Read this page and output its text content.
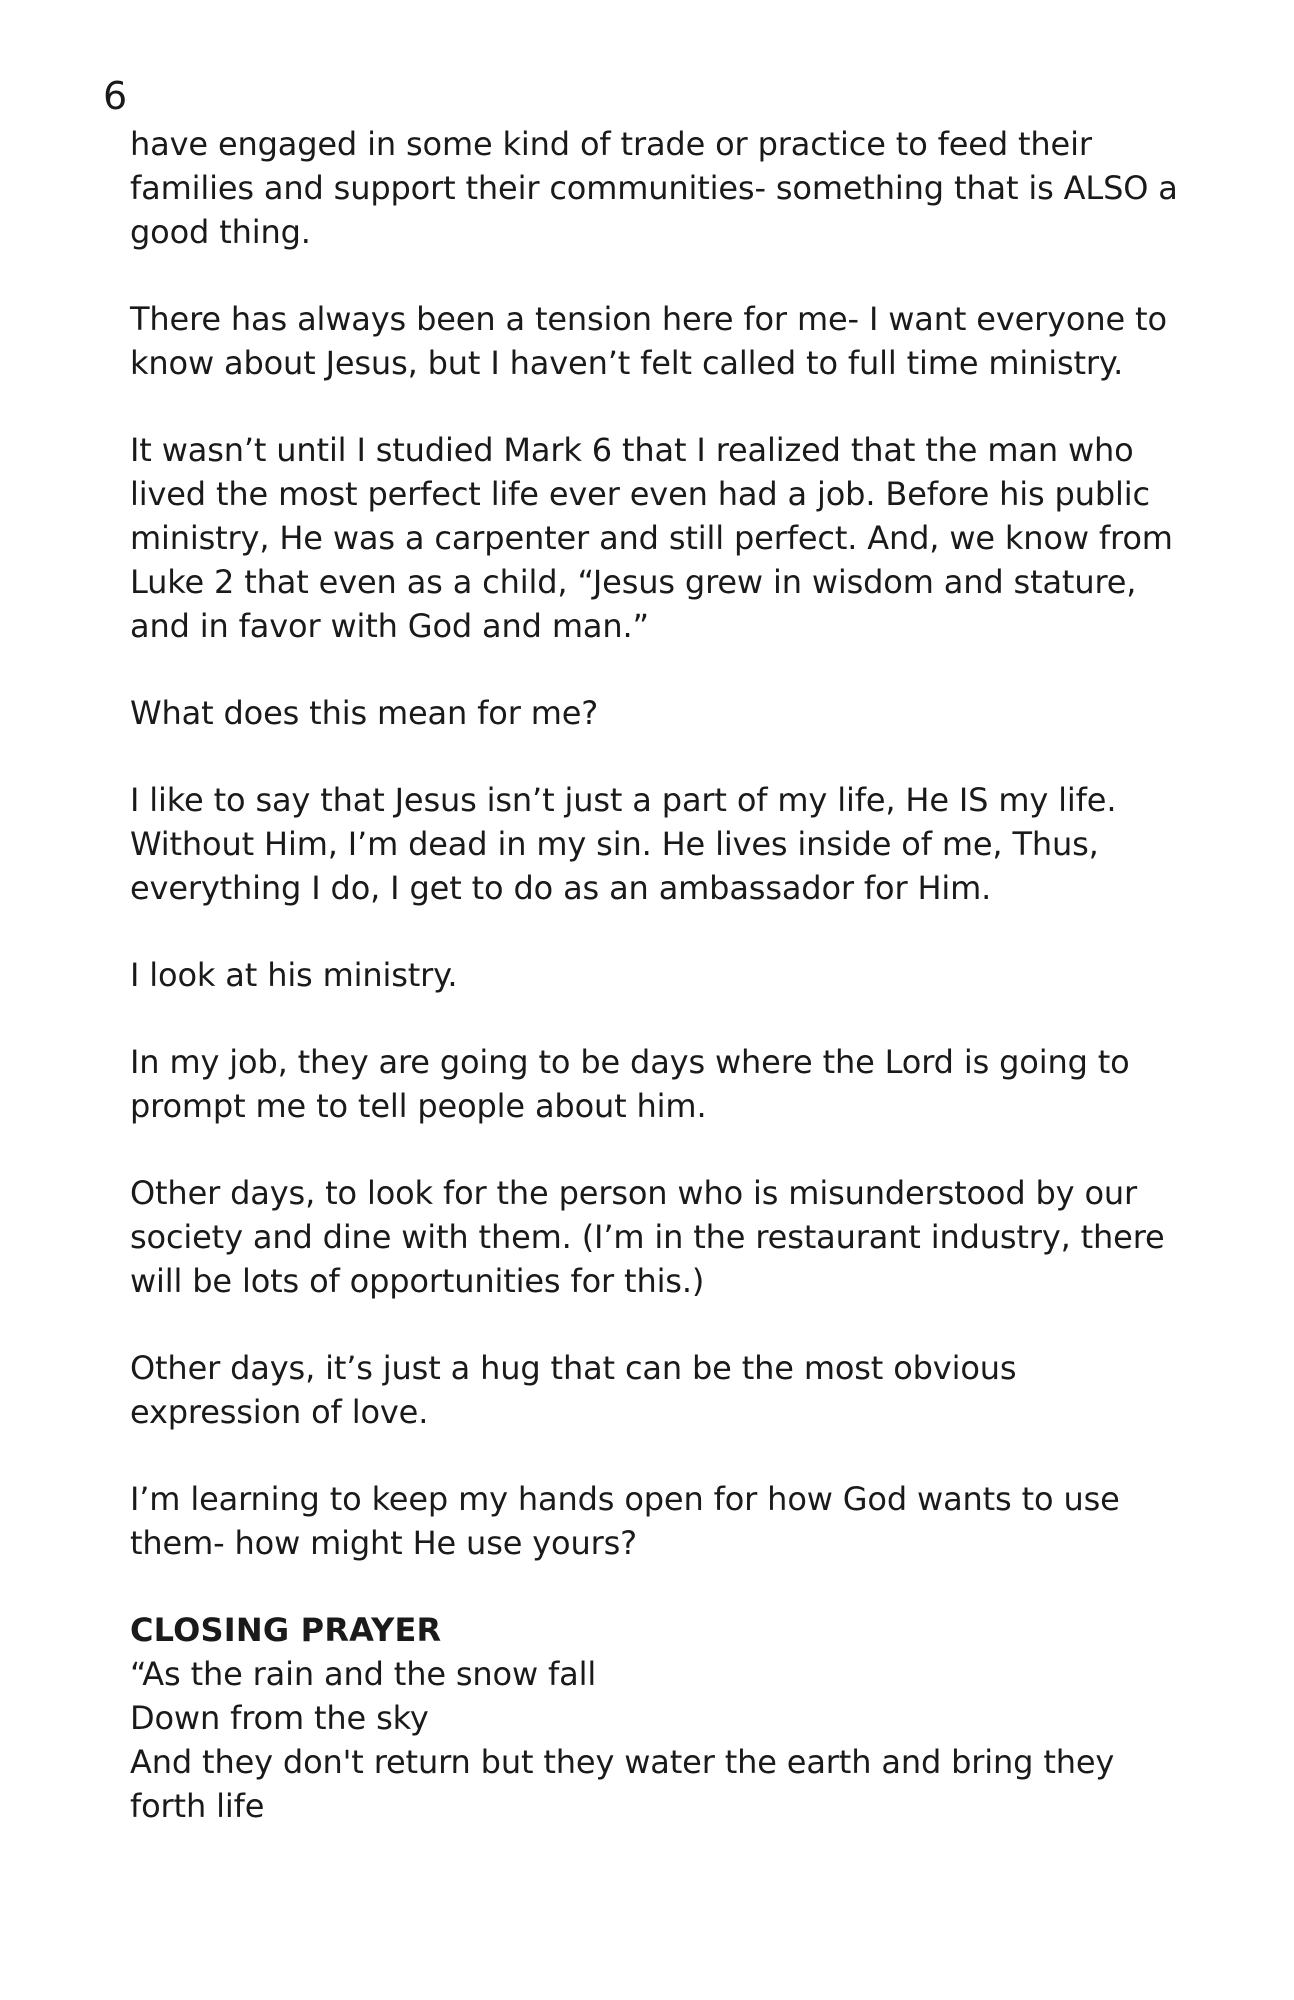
6

have engaged in some kind of trade or practice to feed their
families and support their communities- something that is ALSO a
good thing.

There has always been a tension here for me- I want everyone to
know about Jesus, but I haven’t felt called to full time ministry.

It wasn’t until I studied Mark 6 that I realized that the man who
lived the most perfect life ever even had a job. Before his public
ministry, He was a carpenter and still perfect. And, we know from
Luke 2 that even as a child, “Jesus grew in wisdom and stature,
and in favor with God and man.”

What does this mean for me?

I like to say that Jesus isn’t just a part of my life, He IS my life.
Without Him, I’m dead in my sin. He lives inside of me, Thus,
everything I do, I get to do as an ambassador for Him.

I look at his ministry.

In my job, they are going to be days where the Lord is going to
prompt me to tell people about him.

Other days, to look for the person who is misunderstood by our
society and dine with them. (I’m in the restaurant industry, there
will be lots of opportunities for this.)

Other days, it’s just a hug that can be the most obvious
expression of love.

I’m learning to keep my hands open for how God wants to use
them- how might He use yours?

CLOSING PRAYER

“As the rain and the snow fall
Down from the sky
And they don't return but they water the earth and bring they
forth life
